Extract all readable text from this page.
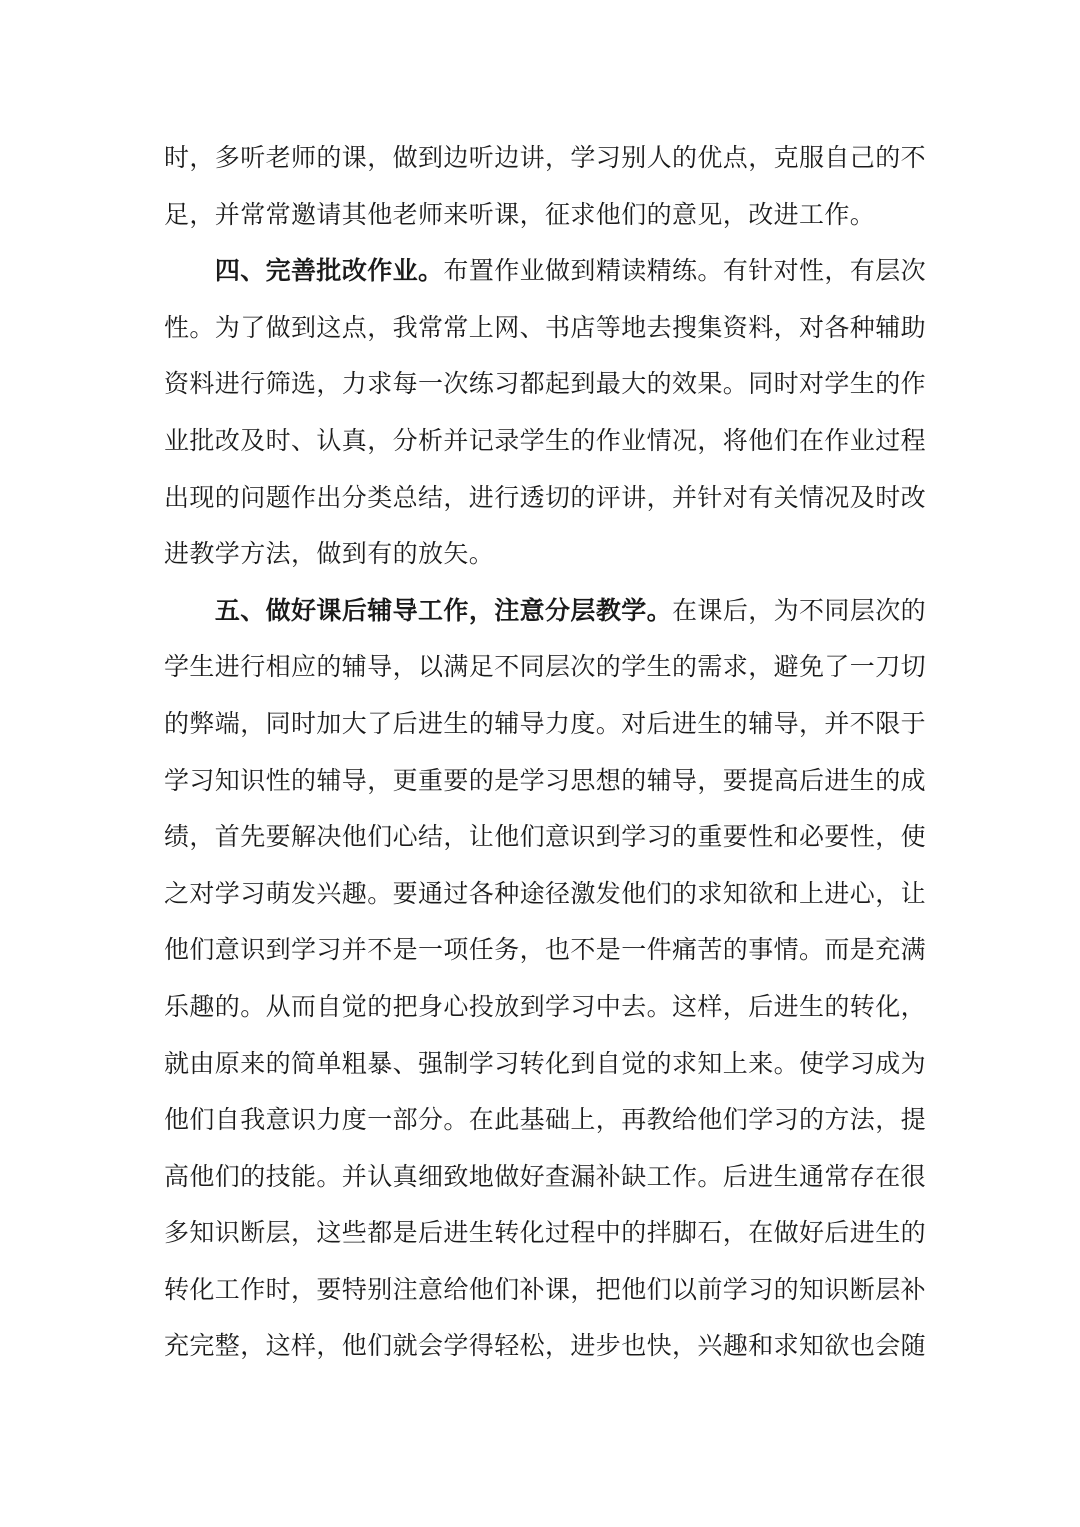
时，多听老师的课，做到边听边讲，学习别人的优点，克服自己的不
足，并常常邀请其他老师来听课，征求他们的意见，改进工作。
　　四、完善批改作业。布置作业做到精读精练。有针对性，有层次
性。为了做到这点，我常常上网、书店等地去搜集资料，对各种辅助
资料进行筛选，力求每一次练习都起到最大的效果。同时对学生的作
业批改及时、认真，分析并记录学生的作业情况，将他们在作业过程
出现的问题作出分类总结，进行透切的评讲，并针对有关情况及时改
进教学方法，做到有的放矢。
　　五、做好课后辅导工作，注意分层教学。在课后，为不同层次的
学生进行相应的辅导，以满足不同层次的学生的需求，避免了一刀切
的弊端，同时加大了后进生的辅导力度。对后进生的辅导，并不限于
学习知识性的辅导，更重要的是学习思想的辅导，要提高后进生的成
绩，首先要解决他们心结，让他们意识到学习的重要性和必要性，使
之对学习萌发兴趣。要通过各种途径激发他们的求知欲和上进心，让
他们意识到学习并不是一项任务，也不是一件痛苦的事情。而是充满
乐趣的。从而自觉的把身心投放到学习中去。这样，后进生的转化，
就由原来的简单粗暴、强制学习转化到自觉的求知上来。使学习成为
他们自我意识力度一部分。在此基础上，再教给他们学习的方法，提
高他们的技能。并认真细致地做好查漏补缺工作。后进生通常存在很
多知识断层，这些都是后进生转化过程中的拌脚石，在做好后进生的
转化工作时，要特别注意给他们补课，把他们以前学习的知识断层补
充完整，这样，他们就会学得轻松，进步也快，兴趣和求知欲也会随
